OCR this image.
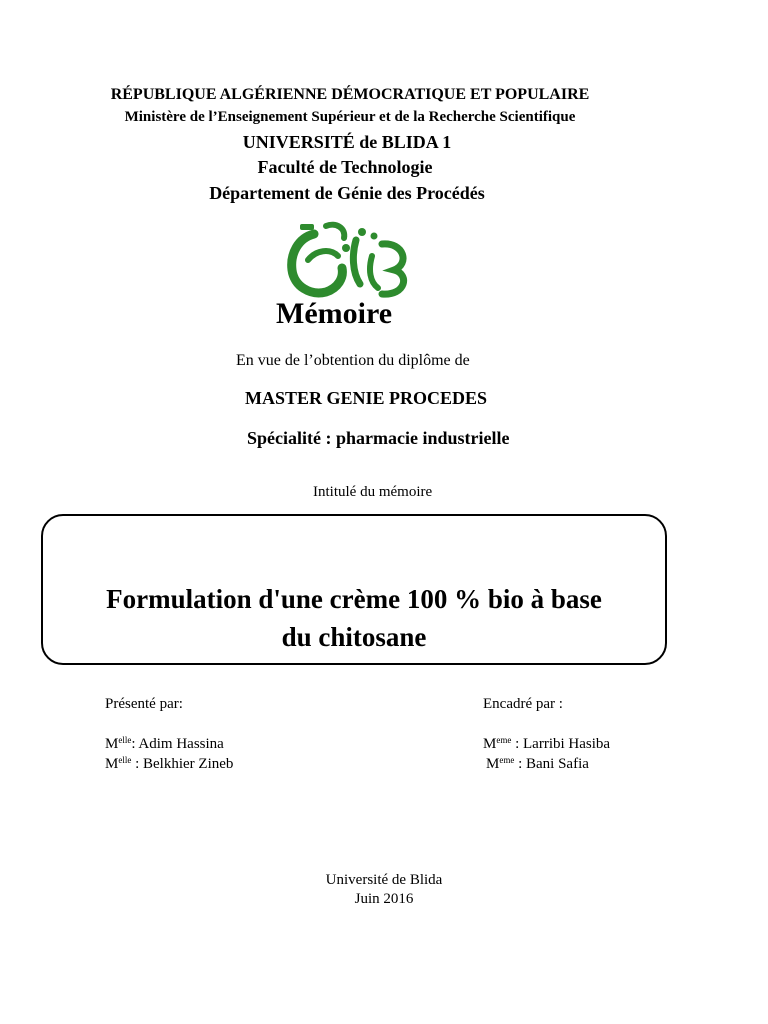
RÉPUBLIQUE ALGÉRIENNE DÉMOCRATIQUE ET POPULAIRE

Ministère de l’Enseignement Supérieur et de la Recherche Scientifique

UNIVERSITÉ de BLIDA 1

Faculté de Technologie

Département de Génie des Procédés

Mémoire

En vue de l’obtention du diplôme de

MASTER GENIE PROCEDES

Spécialité : pharmacie industrielle

Intitulé du mémoire

Formulation d'une crème 100 % bio à base
du chitosane

Présenté par:

$M^{elle}$: Adim Hassina

$M^{elle}$ : Belkhier Zineb

Encadré par :

Meme : Larribi Hasiba

Meme : Bani Safia

Université de Blida

Juin 2016
